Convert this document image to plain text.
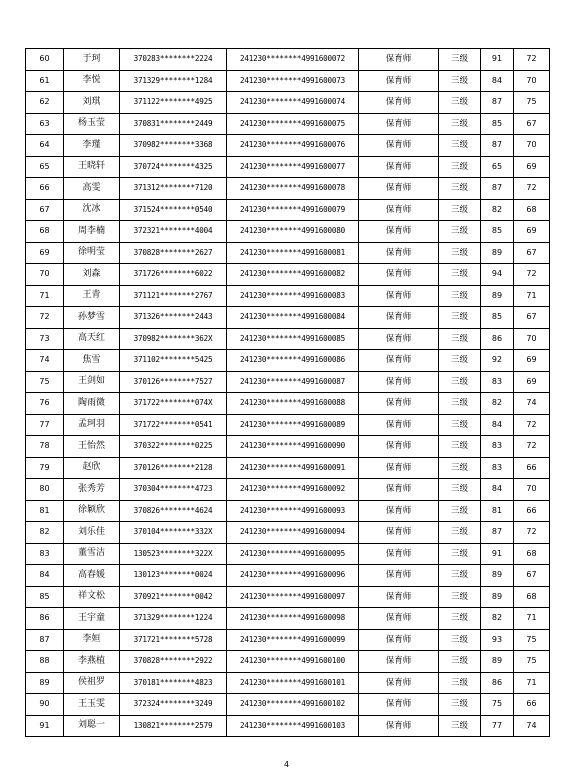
60	于珂	370283********2224	241230********4991600072	保育师	三级	91	72
61	李悦	371329********1284	241230********4991600073	保育师	三级	84	70
62	刘琪	371122********4925	241230********4991600074	保育师	三级	87	75
63	杨玉莹	370831********2449	241230********4991600075	保育师	三级	85	67
64	李瑾	370982********3368	241230********4991600076	保育师	三级	87	70
65	王晓轩	370724********4325	241230********4991600077	保育师	三级	65	69
66	高雯	371312********7120	241230********4991600078	保育师	三级	87	72
67	沈冰	371524********0540	241230********4991600079	保育师	三级	82	68
68	周李楠	372321********4004	241230********4991600080	保育师	三级	85	69
69	徐明莹	370828********2627	241230********4991600081	保育师	三级	89	67
70	刘森	371726********6022	241230********4991600082	保育师	三级	94	72
71	王青	371121********2767	241230********4991600083	保育师	三级	89	71
72	孙梦雪	371326********2443	241230********4991600084	保育师	三级	85	67
73	高天红	370982********362X	241230********4991600085	保育师	三级	86	70
74	焦雪	371102********5425	241230********4991600086	保育师	三级	92	69
75	王剑如	370126********7527	241230********4991600087	保育师	三级	83	69
76	陶雨微	371722********074X	241230********4991600088	保育师	三级	82	74
77	孟珂羽	371722********0541	241230********4991600089	保育师	三级	84	72
78	王怡然	370322********0225	241230********4991600090	保育师	三级	83	72
79	赵欣	370126********2128	241230********4991600091	保育师	三级	83	66
80	张秀芳	370304********4723	241230********4991600092	保育师	三级	84	70
81	徐颖欣	370826********4624	241230********4991600093	保育师	三级	81	66
82	刘乐佳	370104********332X	241230********4991600094	保育师	三级	87	72
83	董雪洁	130523********322X	241230********4991600095	保育师	三级	91	68
84	高春媛	130123********0024	241230********4991600096	保育师	三级	89	67
85	祥文松	370921********0042	241230********4991600097	保育师	三级	89	68
86	王宇童	371329********1224	241230********4991600098	保育师	三级	82	71
87	李姮	371721********5728	241230********4991600099	保育师	三级	93	75
88	李燕植	370828********2922	241230********4991600100	保育师	三级	89	75
89	侯祖罗	370181********4823	241230********4991600101	保育师	三级	86	71
90	王玉雯	372324********3249	241230********4991600102	保育师	三级	75	66
91	刘聪一	130821********2579	241230********4991600103	保育师	三级	77	74
4
